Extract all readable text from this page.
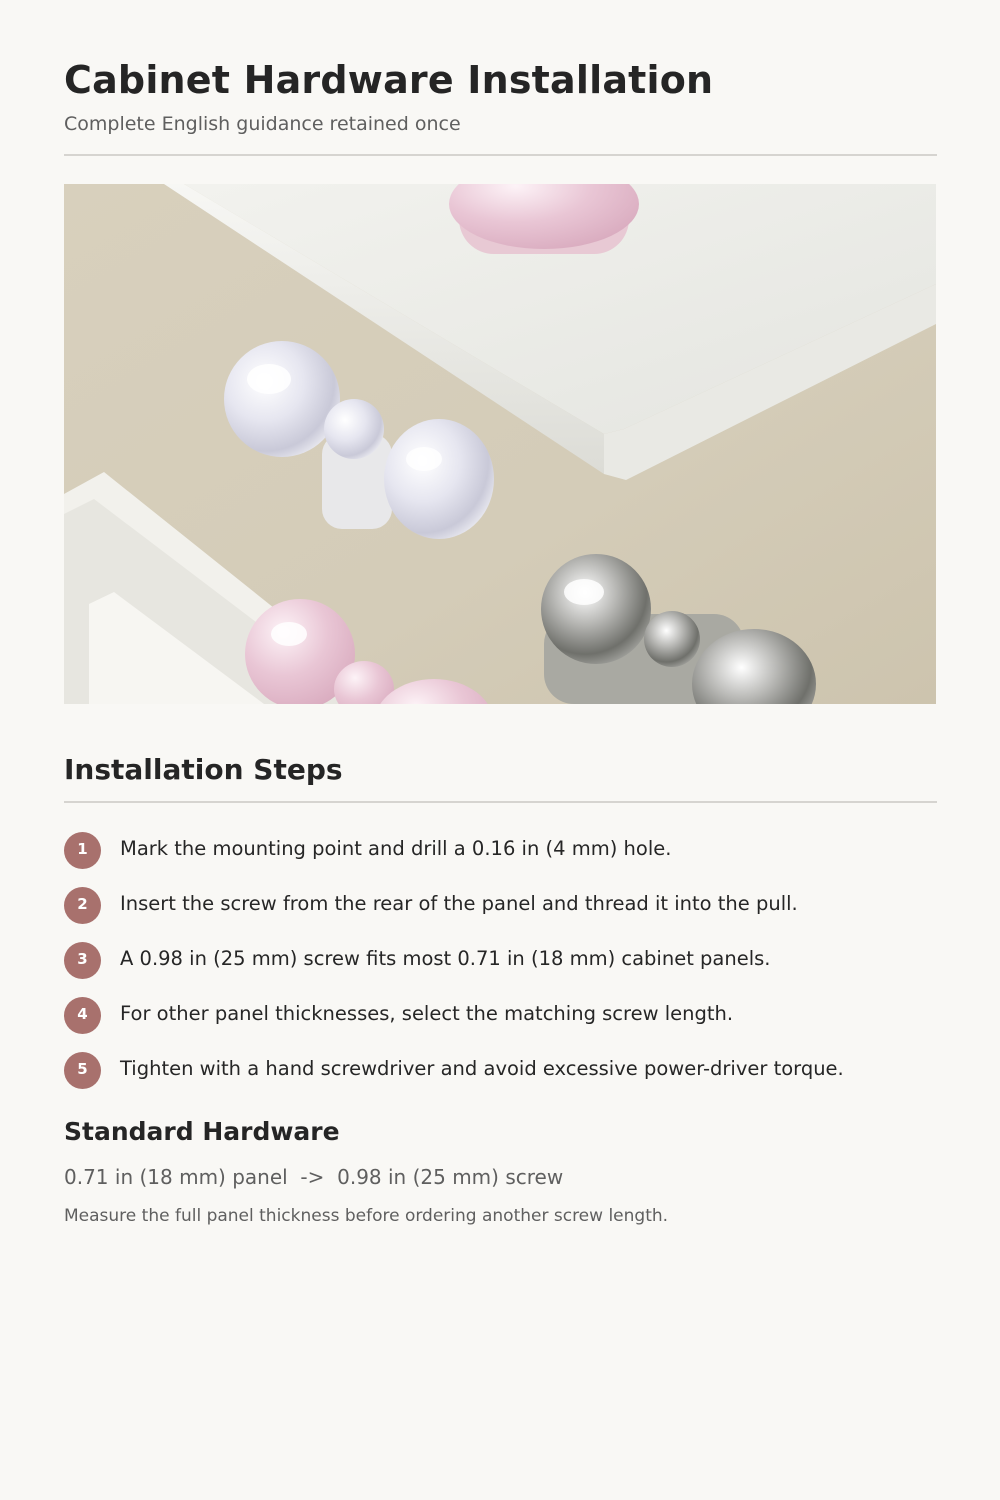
Cabinet Hardware Installation
Complete English guidance retained once
Installation Steps
1	Mark the mounting point and drill a 0.16 in (4 mm) hole.
2	Insert the screw from the rear of the panel and thread it into the pull.
3	A 0.98 in (25 mm) screw fits most 0.71 in (18 mm) cabinet panels.
4	For other panel thicknesses, select the matching screw length.
5	Tighten with a hand screwdriver and avoid excessive power-driver torque.
Standard Hardware
0.71 in (18 mm) panel  ->  0.98 in (25 mm) screw
Measure the full panel thickness before ordering another screw length.
